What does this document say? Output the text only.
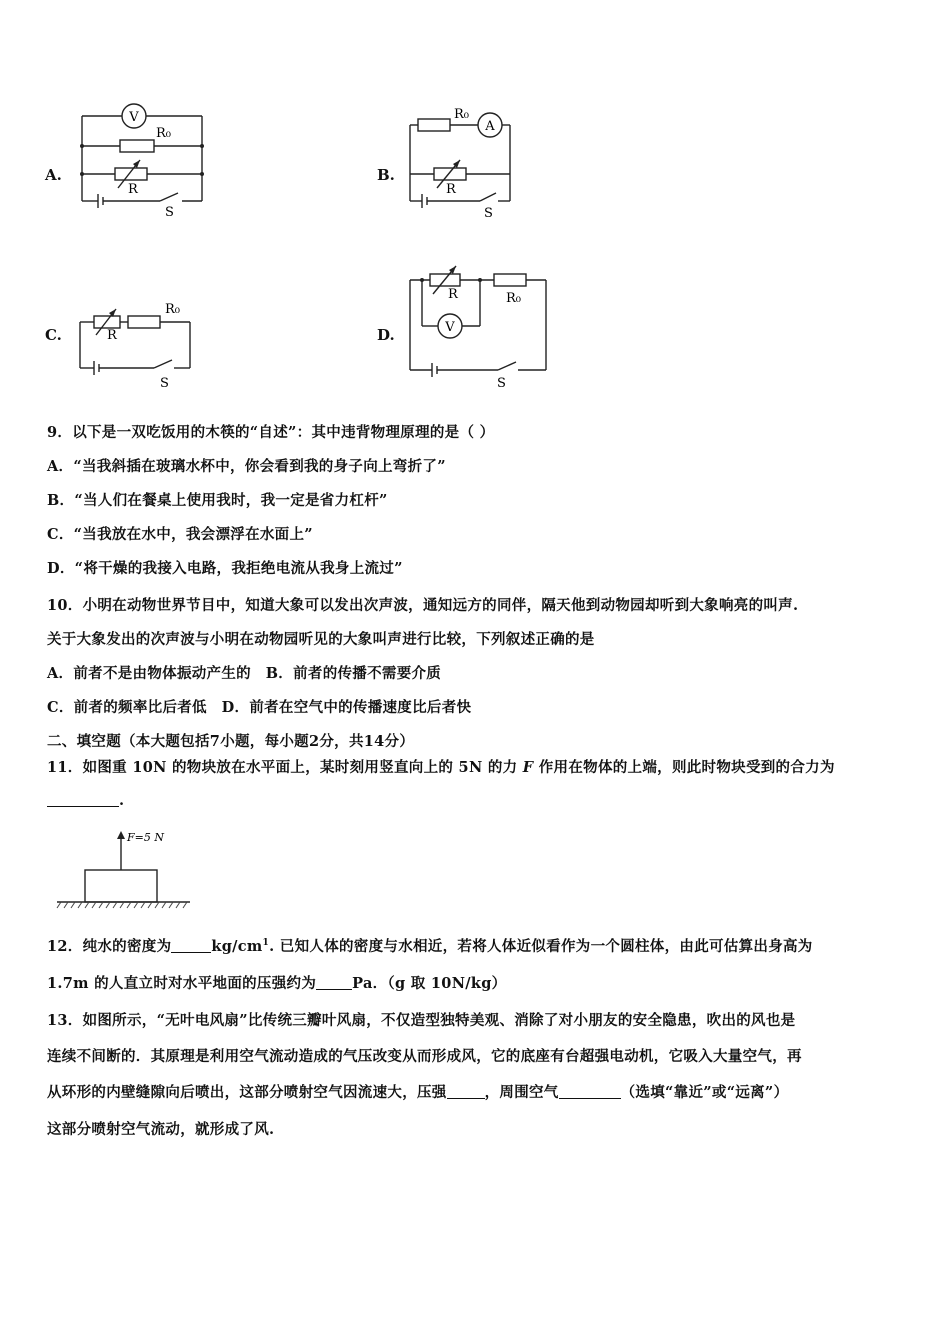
A.
V
R₀
R
S
B.
A
R₀
R
S
C.
R₀
R
S
D.	V
R₀
R
S
9．以下是一双吃饭用的木筷的“自述”：其中违背物理原理的是（ ）
A．“当我斜插在玻璃水杯中，你会看到我的身子向上弯折了”
B．“当人们在餐桌上使用我时，我一定是省力杠杆”
C．“当我放在水中，我会漂浮在水面上”
D．“将干燥的我接入电路，我拒绝电流从我身上流过”
10．小明在动物世界节目中，知道大象可以发出次声波，通知远方的同伴，隔天他到动物园却听到大象响亮的叫声.
关于大象发出的次声波与小明在动物园听见的大象叫声进行比较，下列叙述正确的是
A．前者不是由物体振动产生的　B．前者的传播不需要介质
C．前者的频率比后者低　D．前者在空气中的传播速度比后者快
二、填空题（本大题包括7小题，每小题2分，共14分）
11．如图重 10N 的物块放在水平面上，某时刻用竖直向上的 5N 的力 F 作用在物体的上端，则此时物块受到的合力为
.
F=5 N
12．纯水的密度为	$kg/cm^1$. 已知人体的密度与水相近，若将人体近似看作为一个圆柱体，由此可估算出身高为
1.7m 的人直立时对水平地面的压强约为 Pa．（g 取 10N/kg）
13．如图所示，“无叶电风扇”比传统三瓣叶风扇，不仅造型独特美观、消除了对小朋友的安全隐患，吹出的风也是
连续不间断的．其原理是利用空气流动造成的气压改变从而形成风，它的底座有台超强电动机，它吸入大量空气，再
从环形的内壁缝隙向后喷出，这部分喷射空气因流速大，压强	，周围空气	（选填“靠近”或“远离”）
这部分喷射空气流动，就形成了风.
